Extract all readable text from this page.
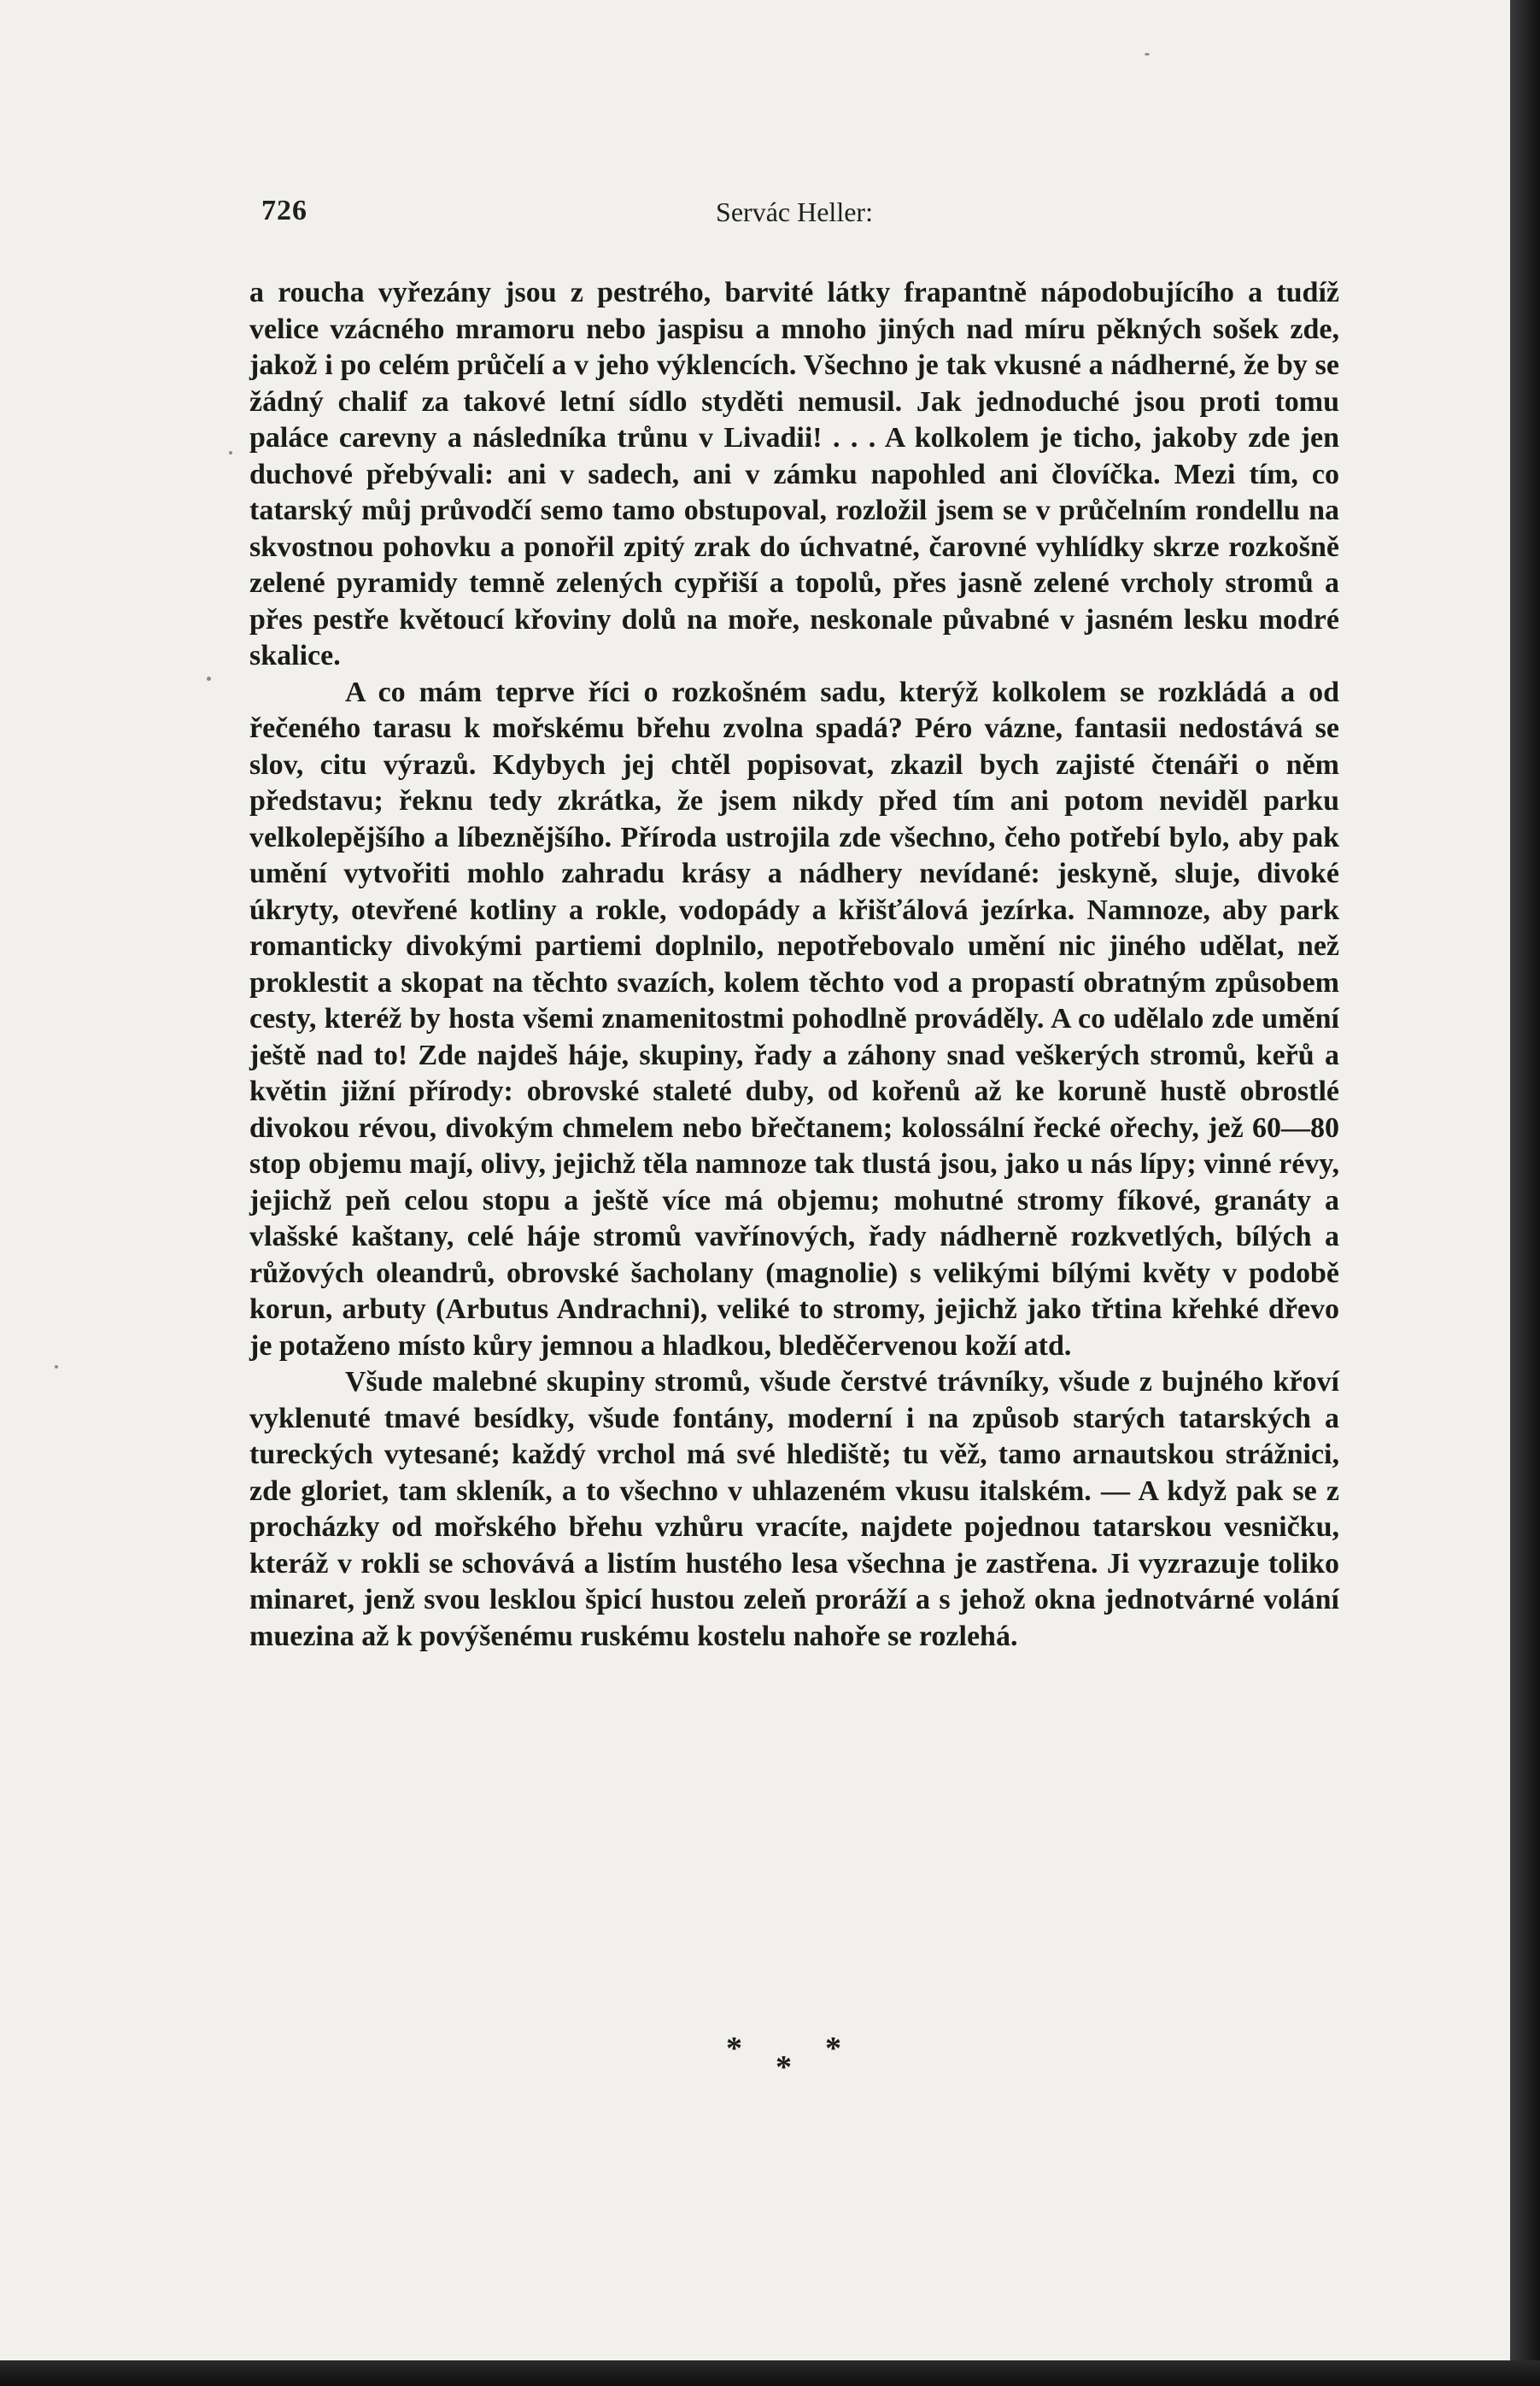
726	Servác Heller:

a roucha vyřezány jsou z pestrého, barvité látky frapantně nápodobujícího a tudíž velice vzácného mramoru nebo jaspisu a mnoho jiných nad míru pěkných sošek zde, jakož i po celém průčelí a v jeho výklencích. Všechno je tak vkusné a nádherné, že by se žádný chalif za takové letní sídlo styděti nemusil. Jak jednoduché jsou proti tomu paláce carevny a následníka trůnu v Livadii! . . . A kolkolem je ticho, jakoby zde jen duchové přebývali: ani v sadech, ani v zámku napohled ani človíčka. Mezi tím, co tatarský můj průvodčí semo tamo obstupoval, rozložil jsem se v průčelním rondellu na skvostnou pohovku a ponořil zpitý zrak do úchvatné, čarovné vyhlídky skrze rozkošně zelené pyramidy temně zelených cypřiší a topolů, přes jasně zelené vrcholy stromů a přes pestře květoucí křoviny dolů na moře, neskonale půvabné v jasném lesku modré skalice.

A co mám teprve říci o rozkošném sadu, kterýž kolkolem se rozkládá a od řečeného tarasu k mořskému břehu zvolna spadá? Péro vázne, fantasii nedostává se slov, citu výrazů. Kdybych jej chtěl popisovat, zkazil bych zajisté čtenáři o něm představu; řeknu tedy zkrátka, že jsem nikdy před tím ani potom neviděl parku velkolepějšího a líbeznějšího. Příroda ustrojila zde všechno, čeho potřebí bylo, aby pak umění vytvořiti mohlo zahradu krásy a nádhery nevídané: jeskyně, sluje, divoké úkryty, otevřené kotliny a rokle, vodopády a křišťálová jezírka. Namnoze, aby park romanticky divokými partiemi doplnilo, nepotřebovalo umění nic jiného udělat, než proklestit a skopat na těchto svazích, kolem těchto vod a propastí obratným způsobem cesty, kteréž by hosta všemi znamenitostmi pohodlně prováděly. A co udělalo zde umění ještě nad to! Zde najdeš háje, skupiny, řady a záhony snad veškerých stromů, keřů a květin jižní přírody: obrovské staleté duby, od kořenů až ke koruně hustě obrostlé divokou révou, divokým chmelem nebo břečtanem; kolossální řecké ořechy, jež 60—80 stop objemu mají, olivy, jejichž těla namnoze tak tlustá jsou, jako u nás lípy; vinné révy, jejichž peň celou stopu a ještě více má objemu; mohutné stromy fíkové, granáty a vlašské kaštany, celé háje stromů vavřínových, řady nádherně rozkvetlých, bílých a růžových oleandrů, obrovské šacholany (magnolie) s velikými bílými květy v podobě korun, arbuty (Arbutus Andrachni), veliké to stromy, jejichž jako třtina křehké dřevo je potaženo místo kůry jemnou a hladkou, bleděčervenou koží atd.

Všude malebné skupiny stromů, všude čerstvé trávníky, všude z bujného křoví vyklenuté tmavé besídky, všude fontány, moderní i na způsob starých tatarských a tureckých vytesané; každý vrchol má své hlediště; tu věž, tamo arnautskou strážnici, zde gloriet, tam skleník, a to všechno v uhlazeném vkusu italském. — A když pak se z procházky od mořského břehu vzhůru vracíte, najdete pojednou tatarskou vesničku, kteráž v rokli se schovává a listím hustého lesa všechna je zastřena. Ji vyzrazuje toliko minaret, jenž svou lesklou špicí hustou zeleň proráží a s jehož okna jednotvárné volání muezina až k povýšenému ruskému kostelu nahoře se rozlehá.

*
*
*
